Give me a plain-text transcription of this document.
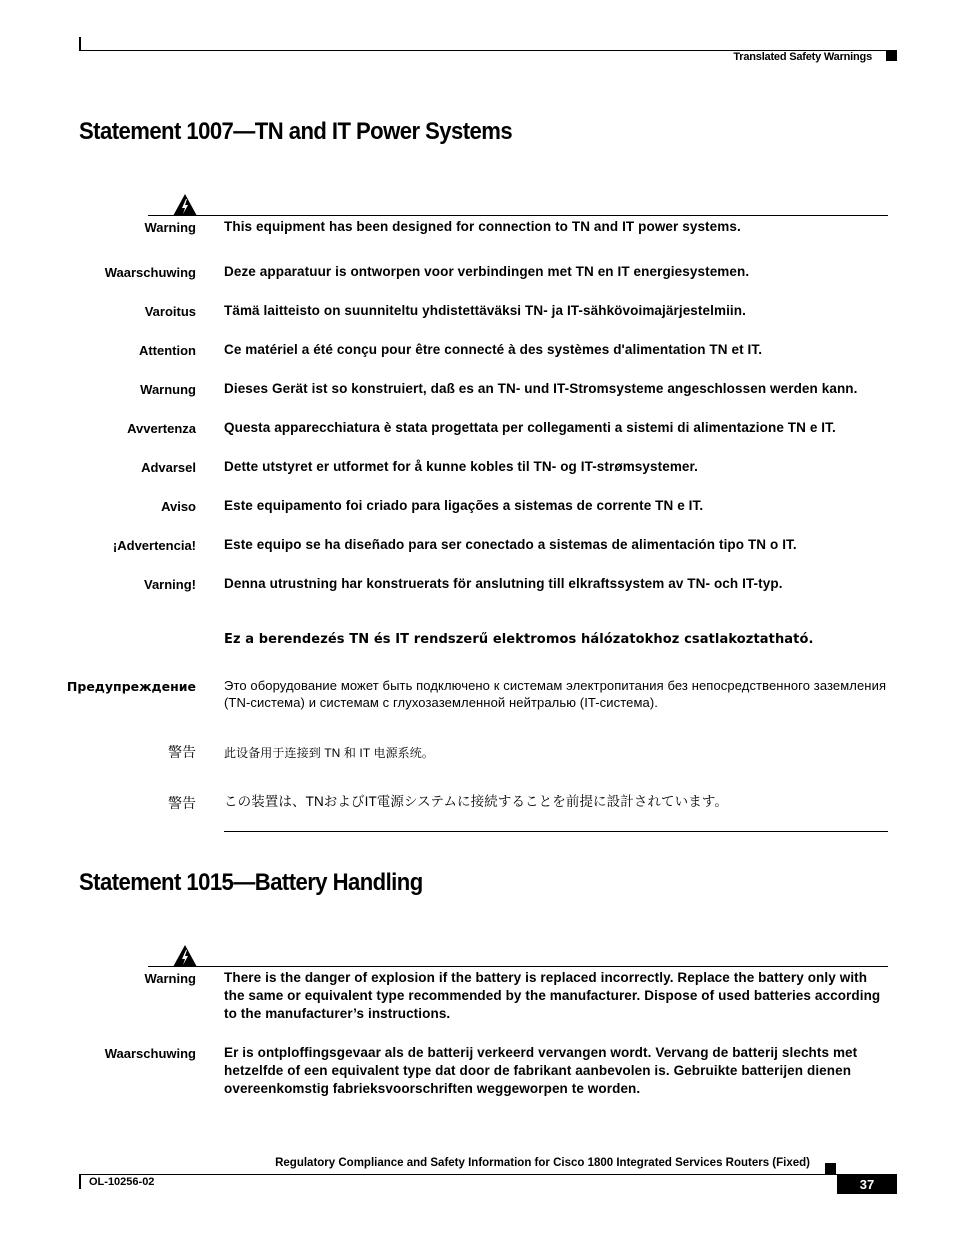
Translated Safety Warnings
Statement 1007—TN and IT Power Systems
Warning This equipment has been designed for connection to TN and IT power systems.
Waarschuwing Deze apparatuur is ontworpen voor verbindingen met TN en IT energiesystemen.
Varoitus Tämä laitteisto on suunniteltu yhdistettäväksi TN- ja IT-sähkövoimajärjestelmiin.
Attention Ce matériel a été conçu pour être connecté à des systèmes d'alimentation TN et IT.
Warnung Dieses Gerät ist so konstruiert, daß es an TN- und IT-Stromsysteme angeschlossen werden kann.
Avvertenza Questa apparecchiatura è stata progettata per collegamenti a sistemi di alimentazione TN e IT.
Advarsel Dette utstyret er utformet for å kunne kobles til TN- og IT-strømsystemer.
Aviso Este equipamento foi criado para ligações a sistemas de corrente TN e IT.
¡Advertencia! Este equipo se ha diseñado para ser conectado a sistemas de alimentación tipo TN o IT.
Varning! Denna utrustning har konstruerats för anslutning till elkraftssystem av TN- och IT-typ.
Ez a berendezés TN és IT rendszerű elektromos hálózatokhoz csatlakoztatható.
Предупреждение Это оборудование может быть подключено к системам электропитания без непосредственного заземления (TN-система) и системам с глухозаземленной нейтралью (IT-система).
警告 此设备用于连接到 TN 和 IT 电源系统。
警告 この装置は、TNおよびIT電源システムに接続することを前提に設計されています。
Statement 1015—Battery Handling
Warning There is the danger of explosion if the battery is replaced incorrectly. Replace the battery only with the same or equivalent type recommended by the manufacturer. Dispose of used batteries according to the manufacturer’s instructions.
Waarschuwing Er is ontploffingsgevaar als de batterij verkeerd vervangen wordt. Vervang de batterij slechts met hetzelfde of een equivalent type dat door de fabrikant aanbevolen is. Gebruikte batterijen dienen overeenkomstig fabrieksvoorschriften weggeworpen te worden.
Regulatory Compliance and Safety Information for Cisco 1800 Integrated Services Routers (Fixed)
OL-10256-02	37
